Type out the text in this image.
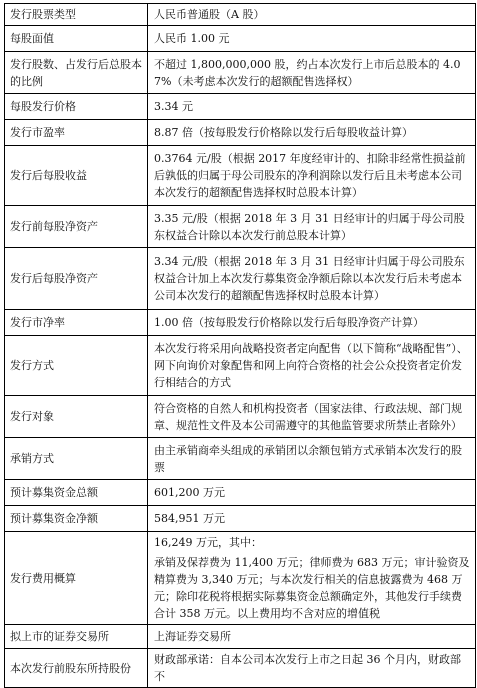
发行股票类型	人民币普通股（A 股）
每股面值	人民币 1.00 元
发行股数、占发行后总股本的比例	不超过 1,800,000,000 股，约占本次发行上市后总股本的 4.07%（未考虑本次发行的超额配售选择权）
每股发行价格	3.34 元
发行市盈率	8.87 倍（按每股发行价格除以发行后每股收益计算）
发行后每股收益	0.3764 元/股（根据 2017 年度经审计的、扣除非经常性损益前后孰低的归属于母公司股东的净利润除以发行后且未考虑本公司本次发行的超额配售选择权时总股本计算）
发行前每股净资产	3.35 元/股（根据 2018 年 3 月 31 日经审计的归属于母公司股东权益合计除以本次发行前总股本计算）
发行后每股净资产	3.34 元/股（根据 2018 年 3 月 31 日经审计归属于母公司股东权益合计加上本次发行募集资金净额后除以本次发行后未考虑本公司本次发行的超额配售选择权时总股本计算）
发行市净率	1.00 倍（按每股发行价格除以发行后每股净资产计算）
发行方式	本次发行将采用向战略投资者定向配售（以下简称“战略配售”）、网下向询价对象配售和网上向符合资格的社会公众投资者定价发行相结合的方式
发行对象	符合资格的自然人和机构投资者（国家法律、行政法规、部门规章、规范性文件及本公司需遵守的其他监管要求所禁止者除外）
承销方式	由主承销商牵头组成的承销团以余额包销方式承销本次发行的股票
预计募集资金总额	601,200 万元
预计募集资金净额	584,951 万元
发行费用概算	16,249 万元，其中：
承销及保荐费为 11,400 万元；律师费为 683 万元；审计验资及精算费为 3,340 万元；与本次发行相关的信息披露费为 468 万元；除印花税将根据实际募集资金总额确定外，其他发行手续费合计 358 万元。以上费用均不含对应的增值税

拟上市的证券交易所	上海证券交易所
本次发行前股东所持股份	财政部承诺：自本公司本次发行上市之日起 36 个月内，财政部不
